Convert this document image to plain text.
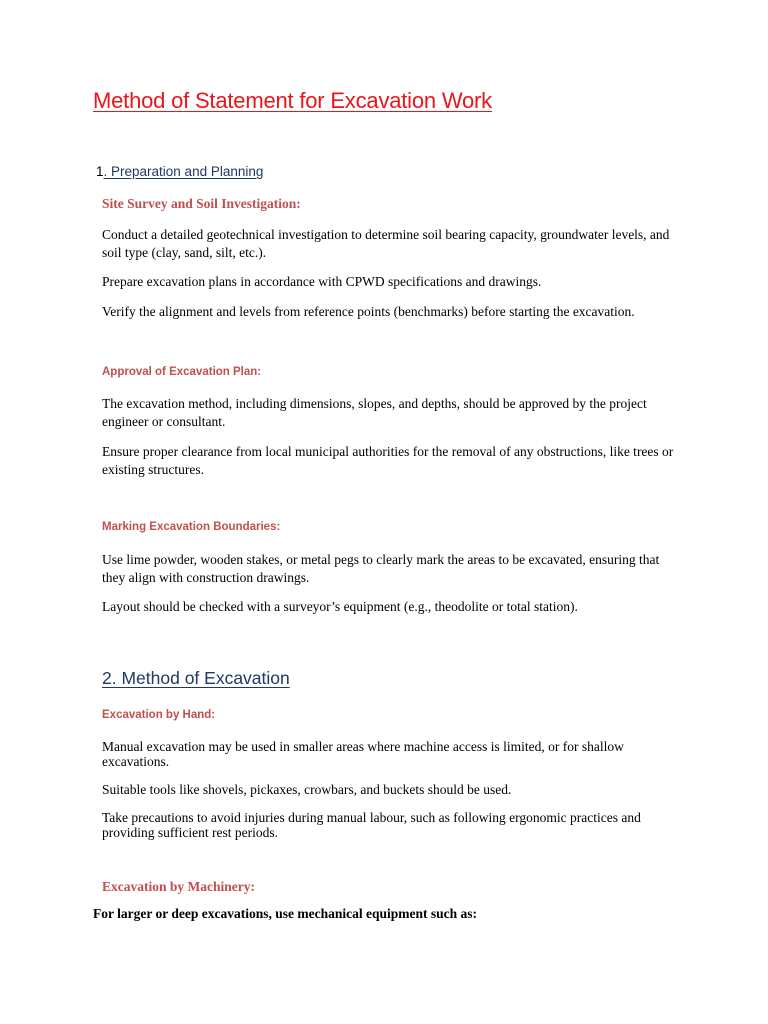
Method of Statement for Excavation Work
1. Preparation and Planning
Site Survey and Soil Investigation:
Conduct a detailed geotechnical investigation to determine soil bearing capacity, groundwater levels, and soil type (clay, sand, silt, etc.).
Prepare excavation plans in accordance with CPWD specifications and drawings.
Verify the alignment and levels from reference points (benchmarks) before starting the excavation.
Approval of Excavation Plan:
The excavation method, including dimensions, slopes, and depths, should be approved by the project engineer or consultant.
Ensure proper clearance from local municipal authorities for the removal of any obstructions, like trees or existing structures.
Marking Excavation Boundaries:
Use lime powder, wooden stakes, or metal pegs to clearly mark the areas to be excavated, ensuring that they align with construction drawings.
Layout should be checked with a surveyor’s equipment (e.g., theodolite or total station).
2. Method of Excavation
Excavation by Hand:
Manual excavation may be used in smaller areas where machine access is limited, or for shallow excavations.
Suitable tools like shovels, pickaxes, crowbars, and buckets should be used.
Take precautions to avoid injuries during manual labour, such as following ergonomic practices and providing sufficient rest periods.
Excavation by Machinery:
For larger or deep excavations, use mechanical equipment such as:
